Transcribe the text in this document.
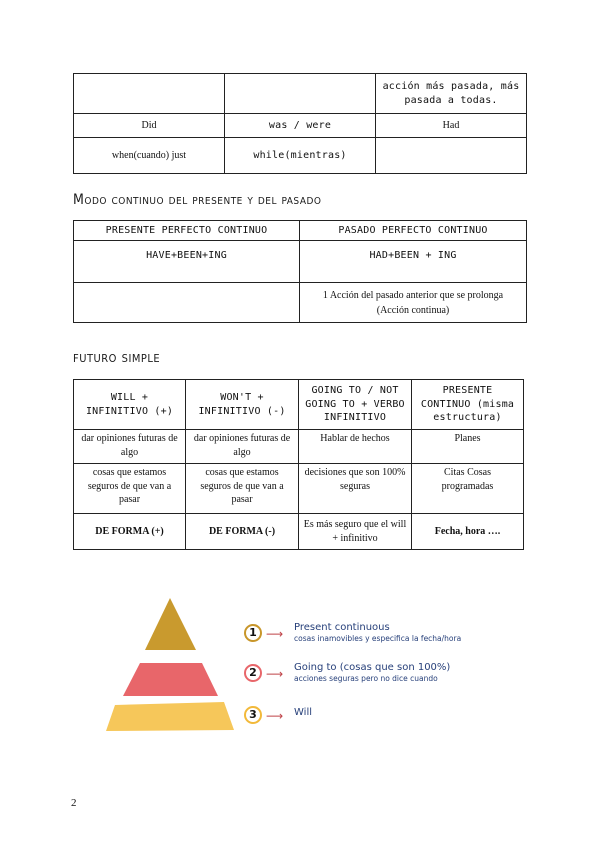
		acción más pasada, más pasada a todas.
Did	was / were	Had
when(cuando) just	while(mientras)	
Modo continuo del presente y del pasado
PRESENTE PERFECTO CONTINUO	PASADO PERFECTO CONTINUO
HAVE+BEEN+ING	HAD+BEEN + ING
	1 Acción del pasado anterior que se prolonga (Acción continua)
futuro simple
WILL + INFINITIVO (+)	WON'T + INFINITIVO (-)	GOING TO / NOT GOING TO + VERBO INFINITIVO	PRESENTE CONTINUO (misma estructura)
dar opiniones futuras de algo	dar opiniones futuras de algo	Hablar de hechos	Planes
cosas que estamos seguros de que van a pasar	cosas que estamos seguros de que van a pasar	decisiones que son 100% seguras	Citas Cosas programadas
DE FORMA (+)	DE FORMA (-)	Es más seguro que el will + infinitivo	Fecha, hora ….
1 ⟶ Present continuous
cosas inamovibles y especifica la fecha/hora
2 ⟶ Going to (cosas que son 100%)
acciones seguras pero no dice cuando
3 ⟶ Will
2
